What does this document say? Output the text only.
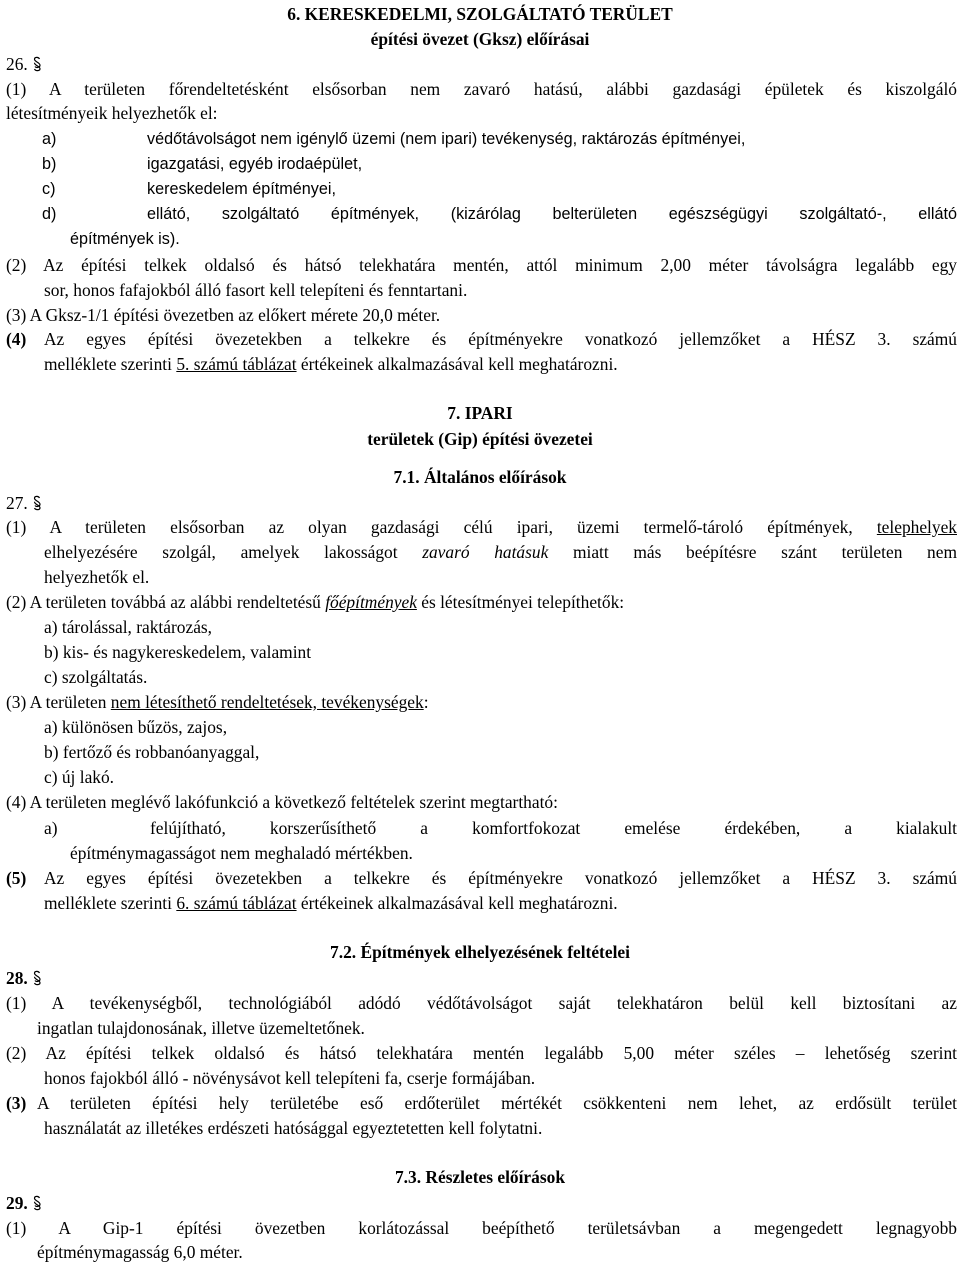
6. KERESKEDELMI, SZOLGÁLTATÓ TERÜLET
építési övezet (Gksz) előírásai
26.
(1) A területen főrendeltetésként elsősorban nem zavaró hatású, alábbi gazdasági épületek és kiszolgáló
létesítményeik helyezhetők el:
a)	védőtávolságot nem igénylő üzemi (nem ipari) tevékenység, raktározás építményei,
b)	igazgatási, egyéb irodaépület,
c)	kereskedelem építményei,
d)	ellátó, szolgáltató építmények, (kizárólag belterületen egészségügyi szolgáltató-, ellátó
építmények is).
(2) Az építési telkek oldalsó és hátsó telekhatára mentén, attól minimum 2,00 méter távolságra legalább egy
sor, honos fafajokból álló fasort kell telepíteni és fenntartani.
(3) A Gksz-1/1 építési övezetben az előkert mérete 20,0 méter.
(4) Az egyes építési övezetekben a telkekre és építményekre vonatkozó jellemzőket a HÉSZ 3. számú
melléklete szerinti 5. számú táblázat értékeinek alkalmazásával kell meghatározni.
7. IPARI
területek (Gip) építési övezetei
7.1. Általános előírások
27.
(1) A területen elsősorban az olyan gazdasági célú ipari, üzemi termelő-tároló építmények, telephelyek
elhelyezésére szolgál, amelyek lakosságot zavaró hatásuk miatt más beépítésre szánt területen nem
helyezhetők el.
(2) A területen továbbá az alábbi rendeltetésű főépítmények és létesítményei telepíthetők:
a) tárolással, raktározás,
b) kis- és nagykereskedelem, valamint
c) szolgáltatás.
(3) A területen nem létesíthető rendeltetések, tevékenységek:
a) különösen bűzös, zajos,
b) fertőző és robbanóanyaggal,
c) új lakó.
(4) A területen meglévő lakófunkció a következő feltételek szerint megtartható:
a)	felújítható, korszerűsíthető a komfortfokozat emelése érdekében, a kialakult
építménymagasságot nem meghaladó mértékben.
(5) Az egyes építési övezetekben a telkekre és építményekre vonatkozó jellemzőket a HÉSZ 3. számú
melléklete szerinti 6. számú táblázat értékeinek alkalmazásával kell meghatározni.
7.2. Építmények elhelyezésének feltételei
28.
(1) A tevékenységből, technológiából adódó védőtávolságot saját telekhatáron belül kell biztosítani az
ingatlan tulajdonosának, illetve üzemeltetőnek.
(2) Az építési telkek oldalsó és hátsó telekhatára mentén legalább 5,00 méter széles – lehetőség szerint
honos fajokból álló - növénysávot kell telepíteni fa, cserje formájában.
(3) A területen építési hely területébe eső erdőterület mértékét csökkenteni nem lehet, az erdősült terület
használatát az illetékes erdészeti hatósággal egyeztetetten kell folytatni.
7.3. Részletes előírások
29.
(1) A Gip-1 építési övezetben korlátozással beépíthető területsávban a megengedett legnagyobb
építménymagasság 6,0 méter.
